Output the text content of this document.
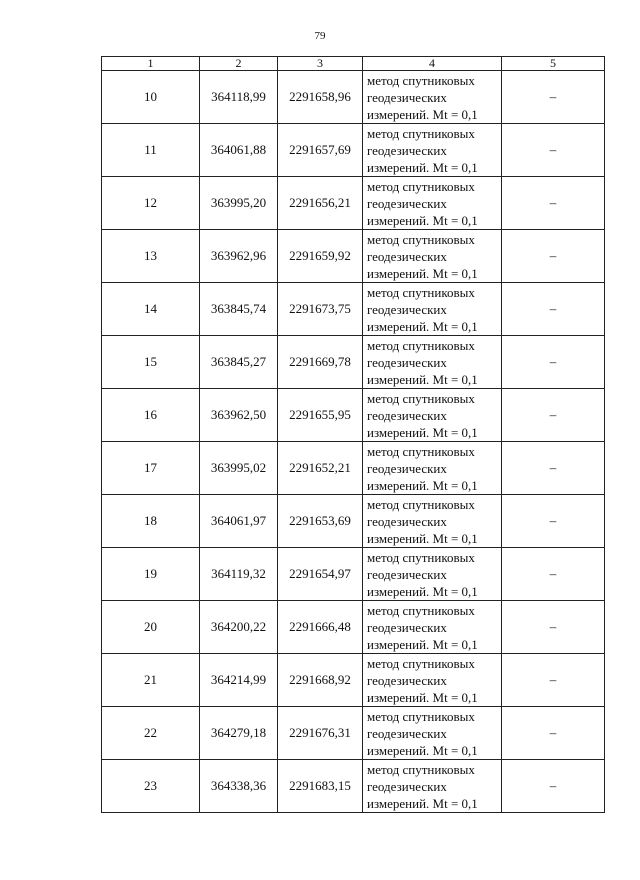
79
1	2	3	4	5
10	364118,99	2291658,96	метод спутниковых
геодезических
измерений. Mt = 0,1	–
11	364061,88	2291657,69	метод спутниковых
геодезических
измерений. Mt = 0,1	–
12	363995,20	2291656,21	метод спутниковых
геодезических
измерений. Mt = 0,1	–
13	363962,96	2291659,92	метод спутниковых
геодезических
измерений. Mt = 0,1	–
14	363845,74	2291673,75	метод спутниковых
геодезических
измерений. Mt = 0,1	–
15	363845,27	2291669,78	метод спутниковых
геодезических
измерений. Mt = 0,1	–
16	363962,50	2291655,95	метод спутниковых
геодезических
измерений. Mt = 0,1	–
17	363995,02	2291652,21	метод спутниковых
геодезических
измерений. Mt = 0,1	–
18	364061,97	2291653,69	метод спутниковых
геодезических
измерений. Mt = 0,1	–
19	364119,32	2291654,97	метод спутниковых
геодезических
измерений. Mt = 0,1	–
20	364200,22	2291666,48	метод спутниковых
геодезических
измерений. Mt = 0,1	–
21	364214,99	2291668,92	метод спутниковых
геодезических
измерений. Mt = 0,1	–
22	364279,18	2291676,31	метод спутниковых
геодезических
измерений. Mt = 0,1	–
23	364338,36	2291683,15	метод спутниковых
геодезических
измерений. Mt = 0,1	–
